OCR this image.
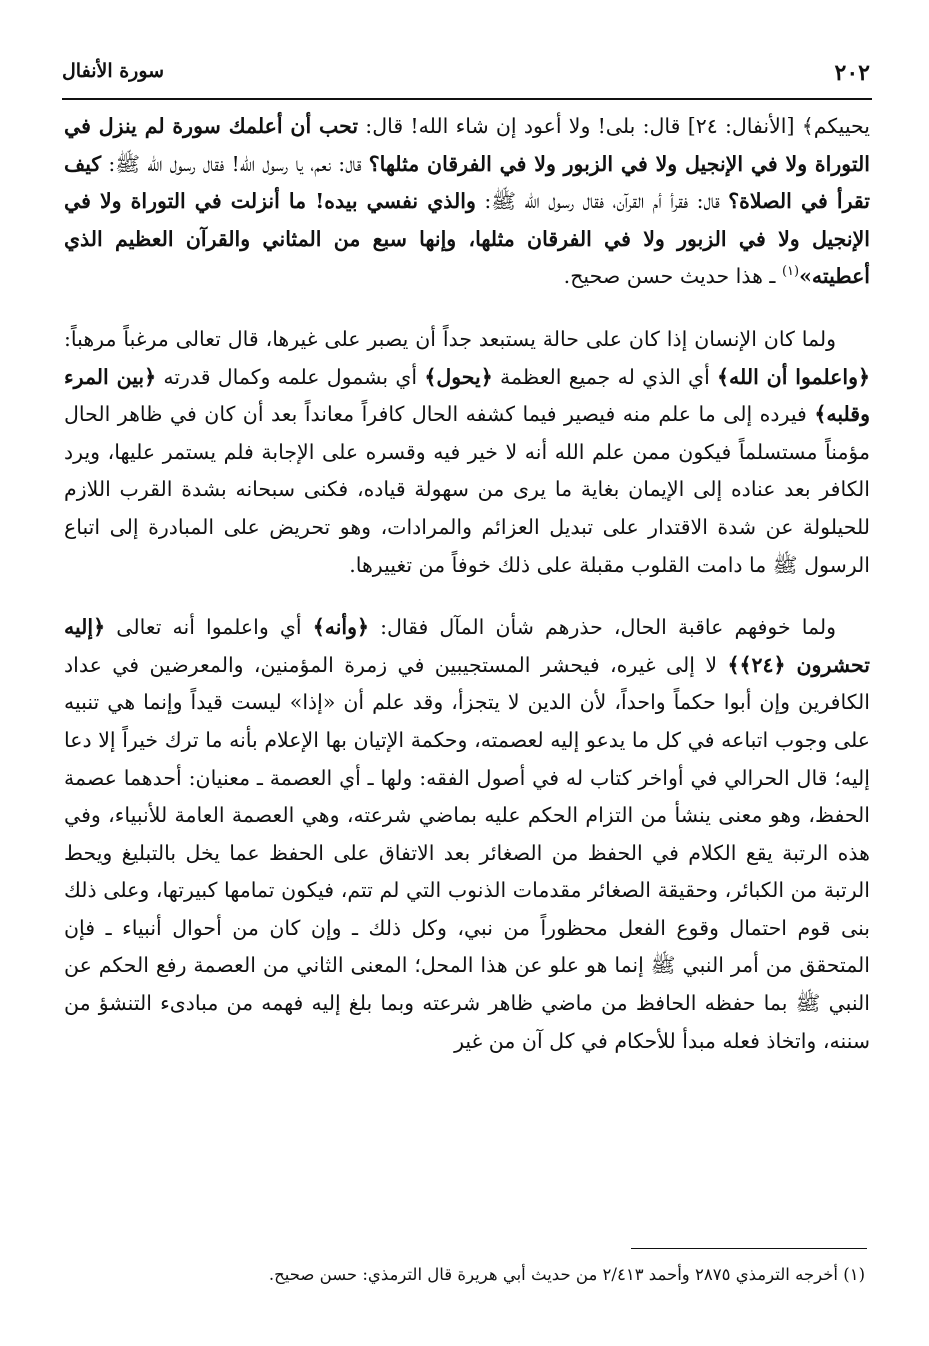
٢٠٢
سورة الأنفال

يحييكم﴾ [الأنفال: ٢٤] قال: بلى! ولا أعود إن شاء الله! قال: تحب أن أعلمك سورة لم ينزل في التوراة ولا في الإنجيل ولا في الزبور ولا في الفرقان مثلها؟ قال: نعم، يا رسول الله! فقال رسول الله ﷺ: كيف تقرأ في الصلاة؟ قال: فقرأ أم القرآن، فقال رسول الله ﷺ: والذي نفسي بيده! ما أنزلت في التوراة ولا في الإنجيل ولا في الزبور ولا في الفرقان مثلها، وإنها سبع من المثاني والقرآن العظيم الذي أعطيته»$^{(١)}$ ـ هذا حديث حسن صحيح.

ولما كان الإنسان إذا كان على حالة يستبعد جداً أن يصبر على غيرها، قال تعالى مرغباً مرهباً: ﴿واعلموا أن الله﴾ أي الذي له جميع العظمة ﴿يحول﴾ أي بشمول علمه وكمال قدرته ﴿بين المرء وقلبه﴾ فيرده إلى ما علم منه فيصير فيما كشفه الحال كافراً معانداً بعد أن كان في ظاهر الحال مؤمناً مستسلماً فيكون ممن علم الله أنه لا خير فيه وقسره على الإجابة فلم يستمر عليها، ويرد الكافر بعد عناده إلى الإيمان بغاية ما يرى من سهولة قياده، فكنى سبحانه بشدة القرب اللازم للحيلولة عن شدة الاقتدار على تبديل العزائم والمرادات، وهو تحريض على المبادرة إلى اتباع الرسول ﷺ ما دامت القلوب مقبلة على ذلك خوفاً من تغييرها.

ولما خوفهم عاقبة الحال، حذرهم شأن المآل فقال: ﴿وأنه﴾ أي واعلموا أنه تعالى ﴿إليه تحشرون ﴿٢٤﴾﴾ لا إلى غيره، فيحشر المستجيبين في زمرة المؤمنين، والمعرضين في عداد الكافرين وإن أبوا حكماً واحداً، لأن الدين لا يتجزأ، وقد علم أن «إذا» ليست قيداً وإنما هي تنبيه على وجوب اتباعه في كل ما يدعو إليه لعصمته، وحكمة الإتيان بها الإعلام بأنه ما ترك خيراً إلا دعا إليه؛ قال الحرالي في أواخر كتاب له في أصول الفقه: ولها ـ أي العصمة ـ معنيان: أحدهما عصمة الحفظ، وهو معنى ينشأ من التزام الحكم عليه بماضي شرعته، وهي العصمة العامة للأنبياء، وفي هذه الرتبة يقع الكلام في الحفظ من الصغائر بعد الاتفاق على الحفظ عما يخل بالتبليغ ويحط الرتبة من الكبائر، وحقيقة الصغائر مقدمات الذنوب التي لم تتم، فيكون تمامها كبيرتها، وعلى ذلك بنى قوم احتمال وقوع الفعل محظوراً من نبي، وكل ذلك ـ وإن كان من أحوال أنبياء ـ فإن المتحقق من أمر النبي ﷺ إنما هو علو عن هذا المحل؛ المعنى الثاني من العصمة رفع الحكم عن النبي ﷺ بما حفظه الحافظ من ماضي ظاهر شرعته وبما بلغ إليه فهمه من مبادىء التنشؤ من سننه، واتخاذ فعله مبدأ للأحكام في كل آن من غير

(١) أخرجه الترمذي ٢٨٧٥ وأحمد ٢/٤١٣ من حديث أبي هريرة قال الترمذي: حسن صحيح.
